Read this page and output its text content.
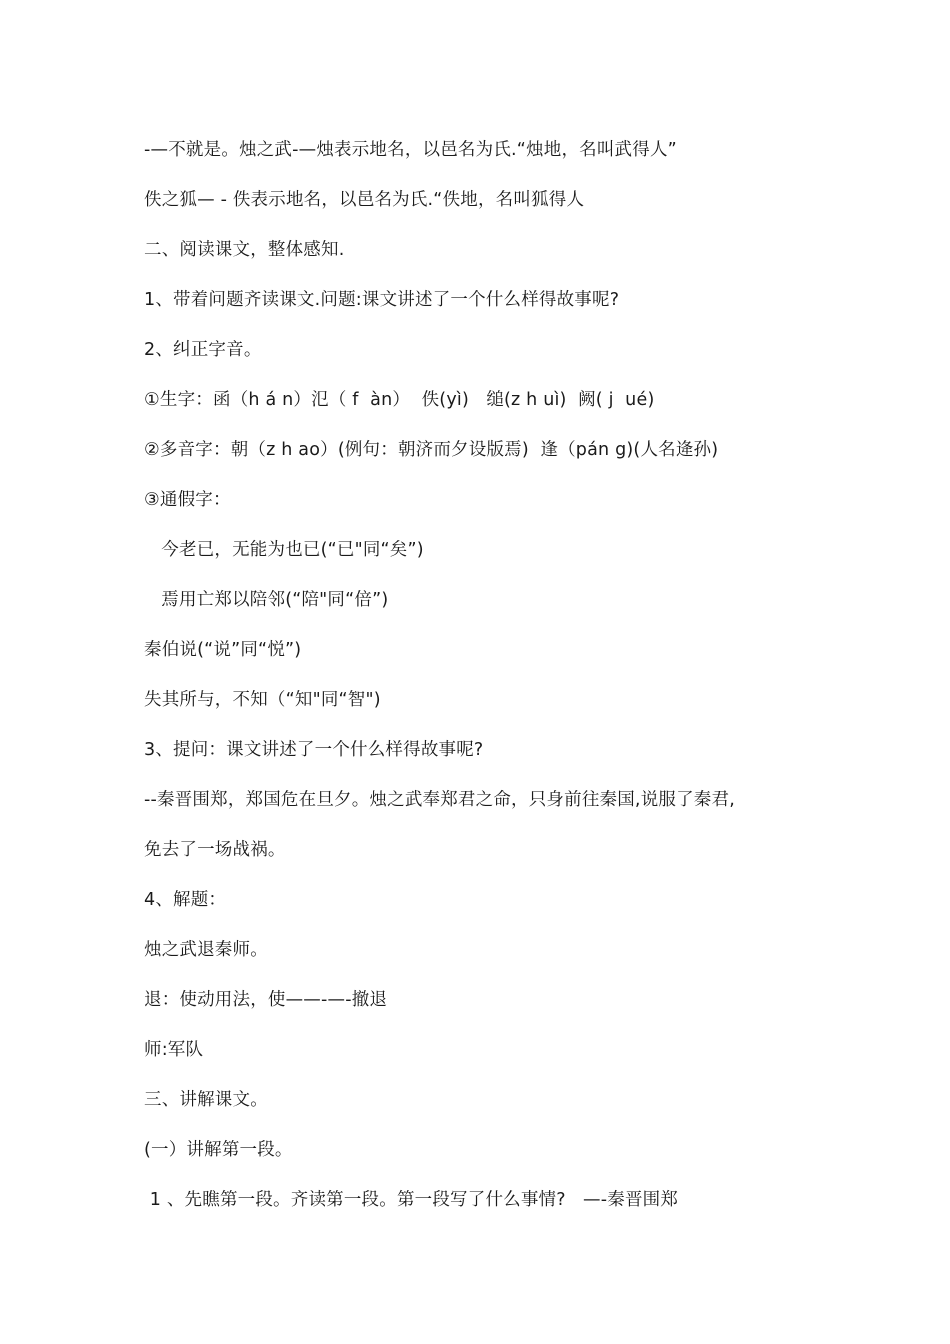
-—不就是。烛之武-—烛表示地名，以邑名为氏.“烛地，名叫武得人”
佚之狐— - 佚表示地名，以邑名为氏.“佚地，名叫狐得人
二、阅读课文，整体感知.
1、带着问题齐读课文.问题:课文讲述了一个什么样得故事呢?
2、纠正字音。
①生字：函（h á n）氾（ f  àn）  佚(yì)   缒(z h uì)  阙( j  ué)
②多音字：朝（z h ao）(例句：朝济而夕设版焉)  逢（pán g)(人名逄孙)
③通假字：
今老已，无能为也已(“已"同“矣”)
焉用亡郑以陪邻(“陪"同“倍”)
秦伯说(“说”同“悦”)
失其所与，不知（“知"同“智")
3、提问：课文讲述了一个什么样得故事呢?
--秦晋围郑，郑国危在旦夕。烛之武奉郑君之命，只身前往秦国,说服了秦君,
免去了一场战祸。
4、解题：
烛之武退秦师。
退：使动用法，使——-—-撤退
师:军队
三、讲解课文。
(一）讲解第一段。
1 、先瞧第一段。齐读第一段。第一段写了什么事情?   —-秦晋围郑
